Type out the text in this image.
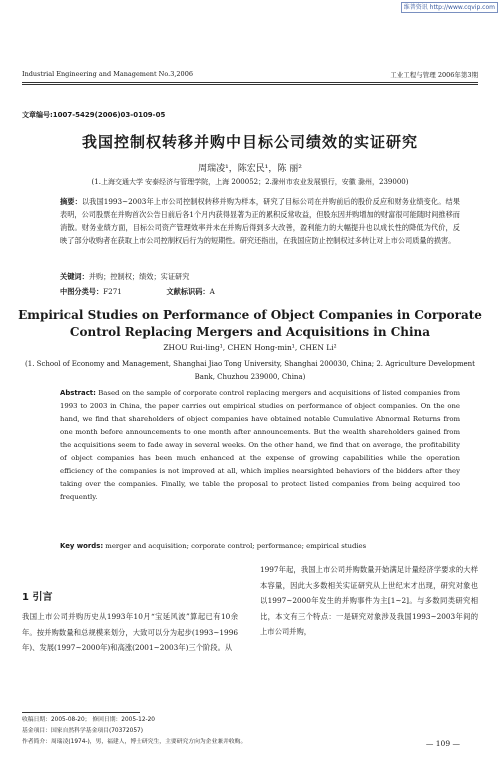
维普资讯 http://www.cqvip.com
Industrial Engineering and Management No.3,2006	工业工程与管理 2006年第3期
文章编号:1007-5429(2006)03-0109-05
我国控制权转移并购中目标公司绩效的实证研究
周瑞凌¹，陈宏民¹，陈 丽²
(1.上海交通大学 安泰经济与管理学院，上海 200052；2.滁州市农业发展银行，安徽 滁州，239000)
摘要：以我国1993~2003年上市公司控制权转移并购为样本，研究了目标公司在并购前后的股价反应和财务业绩变化。结果表明，公司股票在并购首次公告日前后各1个月内获得显著为正的累积反常收益，但股东因并购增加的财富很可能随时间推移而消散。财务业绩方面，目标公司资产管理效率并未在并购后得到多大改善，盈利能力的大幅提升也以成长性的降低为代价，反映了部分收购者在获取上市公司控制权后行为的短期性。研究还指出，在我国应防止控制权过多转让对上市公司质量的损害。
关键词：并购；控制权；绩效；实证研究
中图分类号：F271	文献标识码：A
Empirical Studies on Performance of Object Companies in Corporate Control Replacing Mergers and Acquisitions in China
ZHOU Rui-ling¹, CHEN Hong-min¹, CHEN Li²
(1. School of Economy and Management, Shanghai Jiao Tong University, Shanghai 200030, China; 2. Agriculture Development Bank, Chuzhou 239000, China)
Abstract: Based on the sample of corporate control replacing mergers and acquisitions of listed companies from 1993 to 2003 in China, the paper carries out empirical studies on performance of object companies. On the one hand, we find that shareholders of object companies have obtained notable Cumulative Abnormal Returns from one month before announcements to one month after announcements. But the wealth shareholders gained from the acquisitions seem to fade away in several weeks. On the other hand, we find that on average, the profitability of object companies has been much enhanced at the expense of growing capabilities while the operation efficiency of the companies is not improved at all, which implies nearsighted behaviors of the bidders after they taking over the companies. Finally, we table the proposal to protect listed companies from being acquired too frequently.
Key words: merger and acquisition; corporate control; performance; empirical studies
1 引言
我国上市公司并购历史从1993年10月“宝延风波”算起已有10余年。按并购数量和总规模来划分，大致可以分为起步(1993~1996年)、发展(1997~2000年)和高涨(2001~2003年)三个阶段。从
1997年起，我国上市公司并购数量开始满足计量经济学要求的大样本容量，因此大多数相关实证研究从上世纪末才出现，研究对象也以1997~2000年发生的并购事件为主[1~2]。与多数同类研究相比，本文有三个特点：一是研究对象涉及我国1993~2003年间的上市公司并购，
收稿日期：2005-08-20； 修回日期：2005-12-20
基金项目：国家自然科学基金项目(70372057)
作者简介：周瑞凌(1974-)，男，福建人，博士研究生，主要研究方向为企业兼并收购。	— 109 —
